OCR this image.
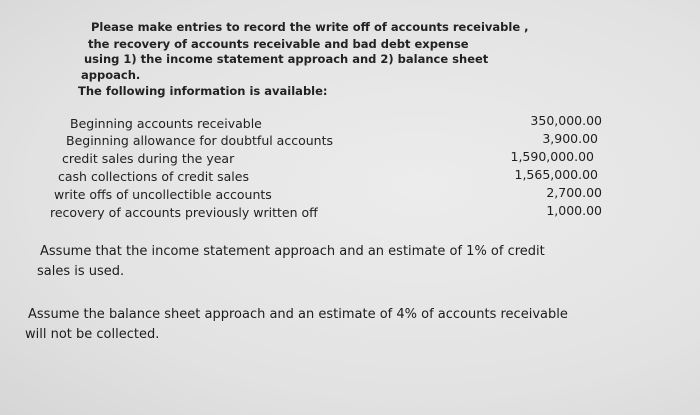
Please make entries to record the write off of accounts receivable ,
the recovery of accounts receivable and bad debt expense
using 1) the income statement approach and 2) balance sheet
appoach.
The following information is available:
Beginning accounts receivable	350,000.00
Beginning allowance for doubtful accounts	3,900.00
credit sales during the year	1,590,000.00
cash collections of credit sales	1,565,000.00
write offs of uncollectible accounts	2,700.00
recovery of accounts previously written off	1,000.00
Assume that the income statement approach and an estimate of 1% of credit
sales is used.
Assume the balance sheet approach and an estimate of 4% of accounts receivable
will not be collected.
